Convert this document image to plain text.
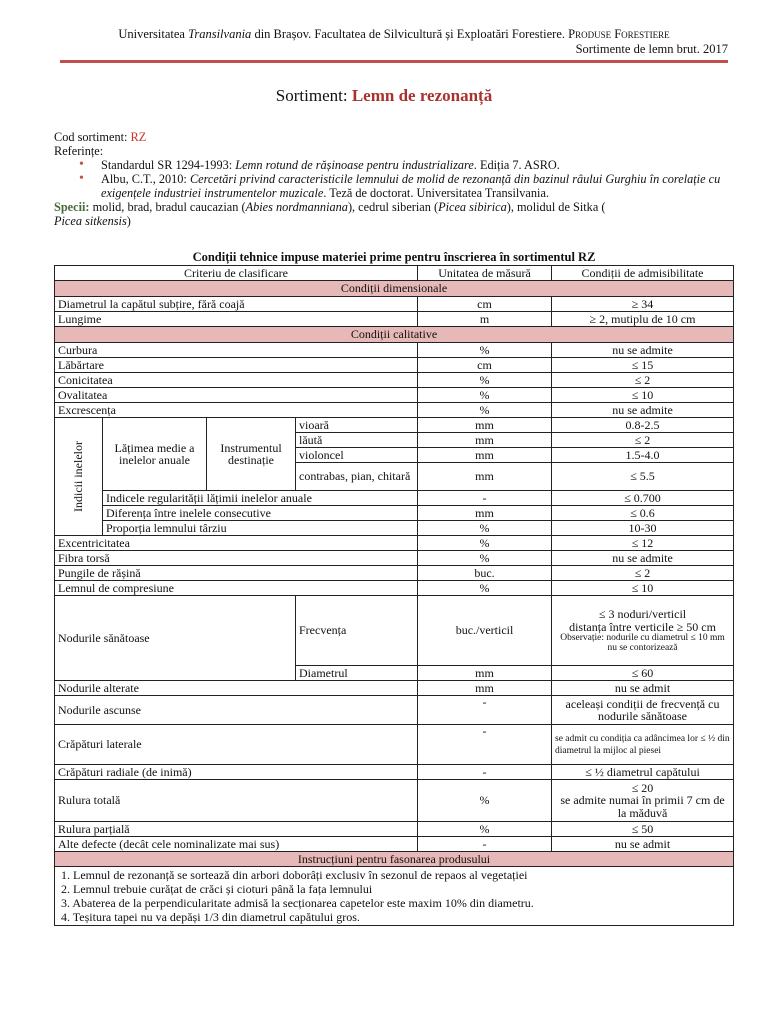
Universitatea Transilvania din Brașov. Facultatea de Silvicultură și Exploatări Forestiere. Produse Forestiere
Sortimente de lemn brut. 2017
Sortiment: Lemn de rezonanță
Cod sortiment: RZ
Referințe:
• Standardul SR 1294-1993: Lemn rotund de rășinoase pentru industrializare. Ediția 7. ASRO.
• Albu, C.T., 2010: Cercetări privind caracteristicile lemnului de molid de rezonanță din bazinul râului Gurghiu în corelație cu exigențele industriei instrumentelor muzicale. Teză de doctorat. Universitatea Transilvania.
Specii: molid, brad, bradul caucazian (Abies nordmanniana), cedrul siberian (Picea sibirica), molidul de Sitka (
Picea sitkensis)
Condiții tehnice impuse materiei prime pentru înscrierea în sortimentul RZ
Criteriu de clasificare				Unitatea de măsură	Condiții de admisibilitate
Condiții dimensionale					
Diametrul la capătul subțire, fără coajă				cm	≥ 34
Lungime				m	≥ 2, mutiplu de 10 cm
Condiții calitative					
Curbura				%	nu se admite
Lăbărtare				cm	≤ 15
Conicitatea				%	≤ 2
Ovalitatea				%	≤ 10
Excrescența				%	nu se admite

Indicii inelelor	Lățimea medie a inelelor anuale	Instrumentul destinație	vioară	mm	0.8-2.5
			lăută	mm	≤ 2
			violoncel	mm	1.5-4.0
			contrabas, pian, chitară	mm	≤ 5.5
	Indicele regularității lățimii inelelor anuale			-	≤ 0.700
	Diferența între inelele consecutive			mm	≤ 0.6
	Proporția lemnului târziu			%	10-30
Excentricitatea				%	≤ 12
Fibra torsă				%	nu se admite
Pungile de rășină				buc.	≤ 2
Lemnul de compresiune				%	≤ 10
Nodurile sănătoase			Frecvența	buc./verticil	≤ 3 noduri/verticil
distanța între verticile ≥ 50 cm
Observație: nodurile cu diametrul ≤ 10 mm nu se contorizează

			Diametrul	mm	≤ 60
Nodurile alterate				mm	nu se admit
Nodurile ascunse				-	aceleași condiții de frecvență cu nodurile sănătoase
Crăpături laterale				-	se admit cu condiția ca adâncimea lor ≤ ½ din diametrul la mijloc al piesei
Crăpături radiale (de inimă)				-	≤ ½ diametrul capătului
Rulura totală				%	≤ 20
se admite numai în primii 7 cm de la măduvă

Rulura parțială				%	≤ 50
Alte defecte (decât cele nominalizate mai sus)				-	nu se admit
Instrucțiuni pentru fasonarea produsului					

1. Lemnul de rezonanță se sortează din arbori doborâți exclusiv în sezonul de repaos al vegetației
2. Lemnul trebuie curățat de crăci și cioturi până la fața lemnului
3. Abaterea de la perpendicularitate admisă la secționarea capetelor este maxim 10% din diametru.
4. Teșitura tapei nu va depăși 1/3 din diametrul capătului gros.					
